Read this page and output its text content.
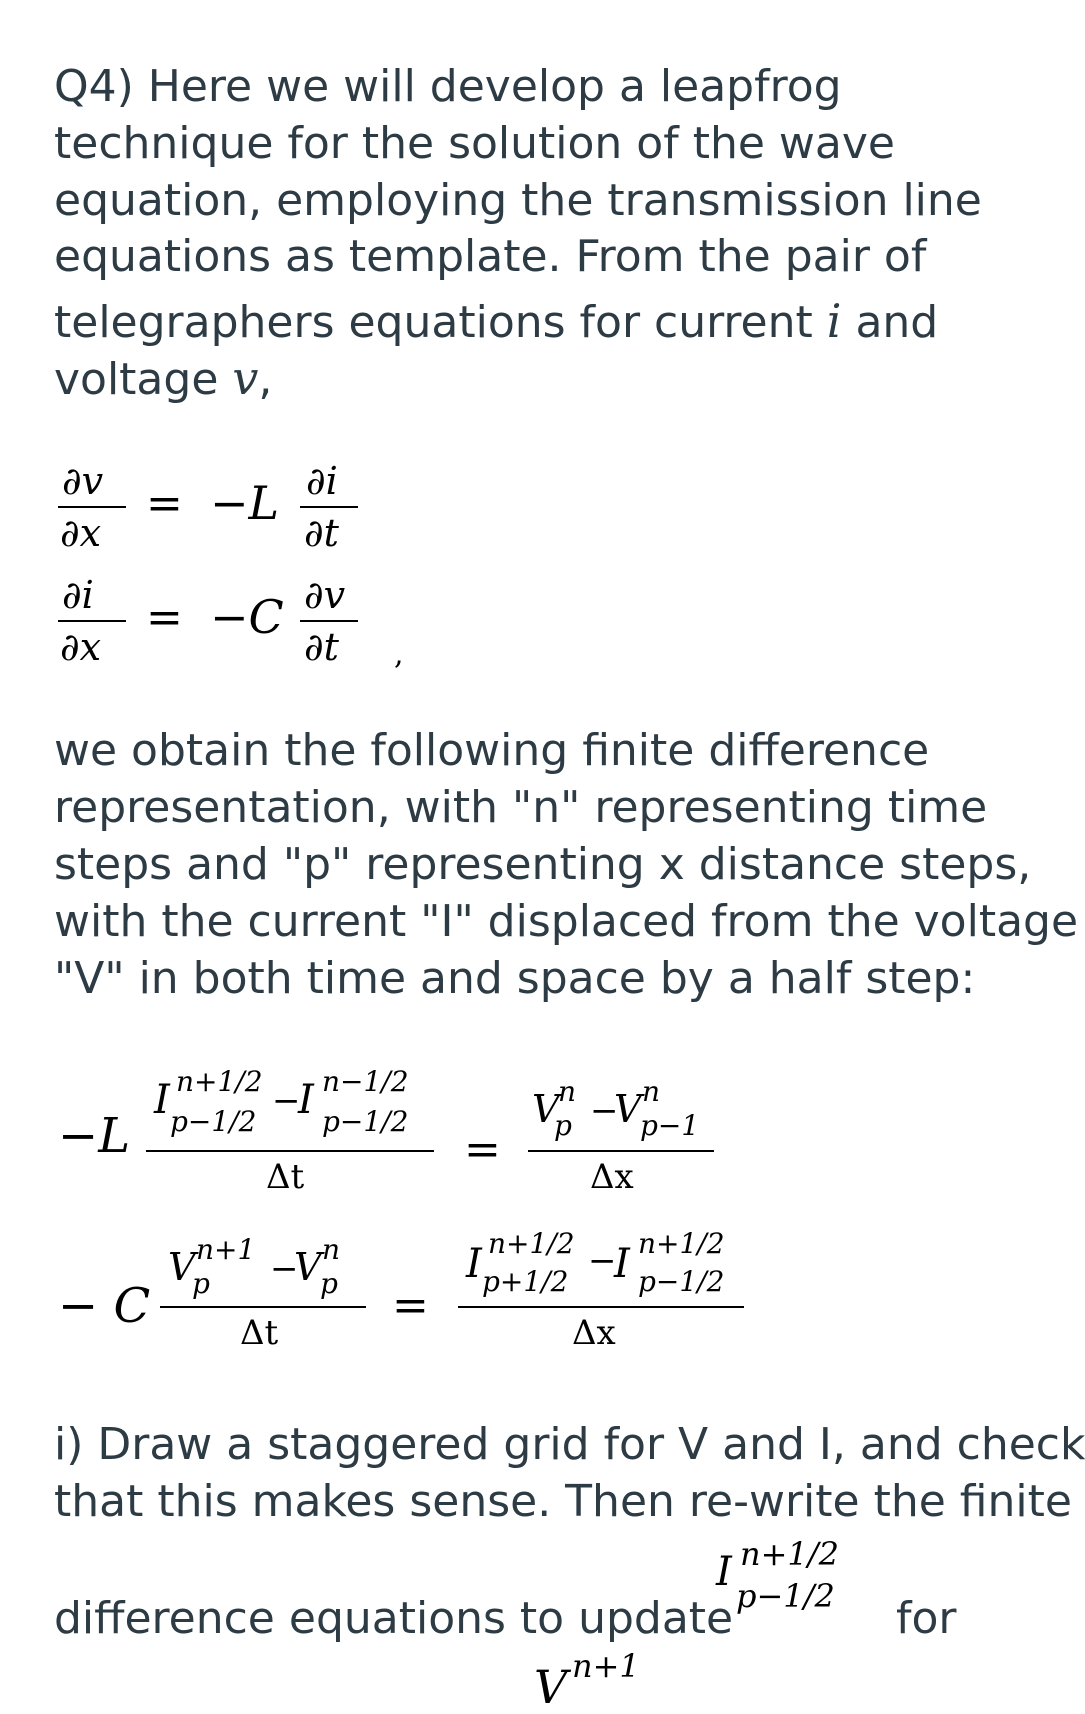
Q4) Here we will develop a leapfrog

technique for the solution of the wave

equation, employing the transmission line

equations as template. From the pair of

telegraphers equations for current i and

voltage v,

∂v
∂x
= −L ∂i
∂t
∂i
∂x
= −C ∂v
∂t ,

we obtain the following finite difference

representation, with "n" representing time

steps and "p" representing x distance steps,

with the current "I" displaced from the voltage

"V" in both time and space by a half step:

−L
I n+1/2
p−1/2
−
I n−1/2
p−1/2
Δt
=
V
n
p −
V n
p−1
Δx
− C
V n+1
p −
V n
p
Δt
=
I n+1/2
p+1/2
−
I n+1/2
p−1/2
Δx

i) Draw a staggered grid for V and I, and check

that this makes sense. Then re-write the finite

difference equations to update

I n+1/2
p−1/2 for

V n+1
